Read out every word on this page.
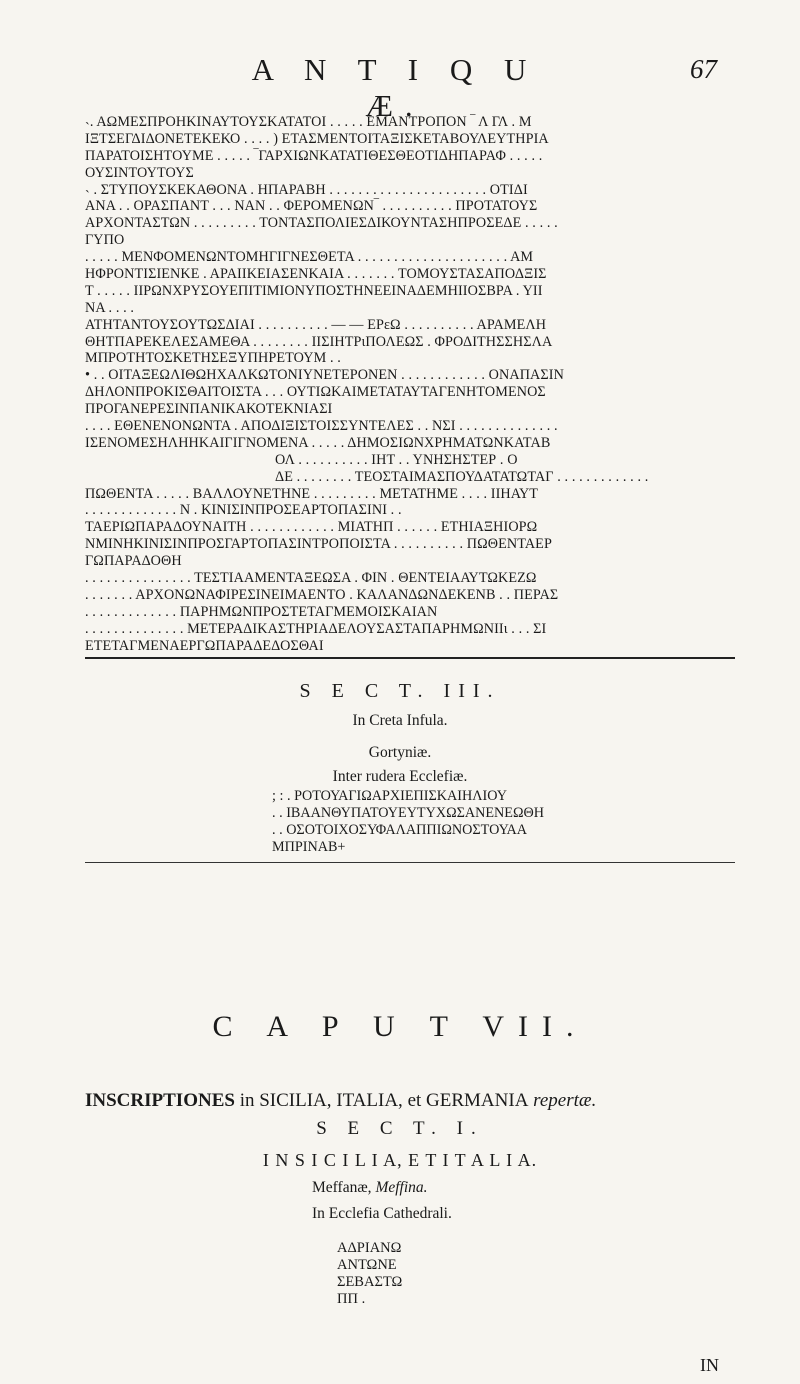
A N T I Q U Æ.
67
˴. ΑΩΜΕΣΠΡΟΗΚΙΝΑΥΤΟΥΣΚΑΤΑΤΟΙ . . . . . ΕΜΑΝΤΡΟΠΟΝ ‾ Λ ΓΛ . Μ
ΙΞΤΣΕΓΔΙΔΟΝΕΤΕΚΕΚΟ . . . . ) ΕΤΑΣΜΕΝΤΟΙΤΑΞΙΣΚΕΤΑΒΟΥΛΕΥΤΗΡΙΑ
ΠΑΡΑΤΟΙΣΗΤΟΥΜΕ . . . . . ‾ΓΑΡΧΙΩΝΚΑΤΑΤΙΘΕΣΘΕΟΤΙΔΗΠΑΡΑΦ . . . . .
ΟΥΣΙΝΤΟΥΤΟΥΣ
˴ . ΣΤΥΠΟΥΣΚΕΚΑΘΟΝΑ . ΗΠΑΡΑΒΗ . . . . . . . . . . . . . . . . . . . . . . ΟΤΙΔΙ
ΑΝΑ . . ΟΡΑΣΠΑΝΤ . . . ΝΑΝ . . ΦΕΡΟΜΕΝΩΝ‾ . . . . . . . . . . ΠΡΟΤΑΤΟΥΣ
ΑΡΧΟΝΤΑΣΤΩΝ . . . . . . . . . ΤΟΝΤΑΣΠΟΛΙΕΣΔΙΚΟΥΝΤΑΣΗΠΡΟΣΕΔΕ . . . . .
ΓΥΠΟ
. . . . . ΜΕΝΦΟΜΕΝΩΝΤΟΜΗΓΙΓΝΕΣΘΕΤΑ . . . . . . . . . . . . . . . . . . . . . ΑΜ
ΗΦΡΟΝΤΙΣΙΕΝΚΕ . ΑΡΑΙΙΚΕΙΑΣΕΝΚΑΙΑ . . . . . . . ΤΟΜΟΥΣΤΑΣΑΠΟΔΞΙΣ
Τ . . . . . ΙΙΡΩΝΧΡΥΣΟΥΕΠΙΤΙΜΙΟΝΥΠΟΣΤΗΝΕΕΙΝΑΔΕΜΗΙΙΟΣΒΡΑ . ΥΙΙ
ΝΑ . . . .
ΑΤΗΤΑΝΤΟΥΣΟΥΤΩΣΔΙΑΙ . . . . . . . . . . — — ΕΡεΩ . . . . . . . . . . ΑΡΑΜΕΛΗ
ΘΗΤΠΑΡΕΚΕΛΕΣΑΜΕΘΑ . . . . . . . . ΙΙΣΙΗΤΡιΠΟΛΕΩΣ . ΦΡΟΔΙΤΗΣΣΗΣΛΑ
ΜΠΡΟΤΗΤΟΣΚΕΤΗΣΕΞΥΠΗΡΕΤΟΥΜ . .
• . . ΟΙΤΑΞΕΩΛΙΘΩΗΧΑΛΚΩΤΟΝΙΥΝΕΤΕΡΟΝΕΝ . . . . . . . . . . . . ΟΝΑΠΑΣΙΝ
ΔΗΛΟΝΠΡΟΚΙΣΘΑΙΤΟΙΣΤΑ . . . ΟΥΤΙΩΚΑΙΜΕΤΑΤΑΥΤΑΓΕΝΗΤΟΜΕΝΟΣ
ΠΡΟΓΑΝΕΡΕΣΙΝΠΑΝΙΚΑΚΟΤΕΚΝΙΑΣΙ
. . . . ΕΘΕΝΕΝΟΝΩΝΤΑ . ΑΠΟΔΙΞΙΣΤΟΙΣΣΥΝΤΕΛΕΣ . . ΝΣΙ . . . . . . . . . . . . . .
ΙΣΕΝΟΜΕΣΗΛΗΗΚΑΙΓΙΓΝΟΜΕΝΑ . . . . . ΔΗΜΟΣΙΩΝΧΡΗΜΑΤΩΝΚΑΤΑΒ
ΟΛ . . . . . . . . . . ΙΗΤ . . ΥΝΗΣΗΣΤΕΡ . Ο
ΔΕ . . . . . . . . ΤΕΟΣΤΑΙΜΑΣΠΟΥΔΑΤΑΤΩΤΑΓ . . . . . . . . . . . . .
ΠΩΘΕΝΤΑ . . . . . ΒΑΛΛΟΥΝΕΤΗΝΕ . . . . . . . . . ΜΕΤΑΤΗΜΕ . . . . ΙΙΗΑΥΤ
. . . . . . . . . . . . . Ν . ΚΙΝΙΣΙΝΠΡΟΣΕΑΡΤΟΠΑΣΙΝΙ . .
ΤΑΕΡΙΩΠΑΡΑΔΟΥΝΑΙΤΗ . . . . . . . . . . . . ΜΙΑΤΗΠ . . . . . . ΕΤΗΙΑΞΗΙΟΡΩ
ΝΜΙΝΗΚΙΝΙΣΙΝΠΡΟΣΓΑΡΤΟΠΑΣΙΝΤΡΟΠΟΙΣΤΑ . . . . . . . . . . ΠΩΘΕΝΤΑΕΡ
ΓΩΠΑΡΑΔΟΘΗ
. . . . . . . . . . . . . . . ΤΕΣΤΙΑΑΜΕΝΤΑΞΕΩΣΑ . ΦΙΝ . ΘΕΝΤΕΙΑΑΥΤΩΚΕΖΩ
. . . . . . . ΑΡΧΟΝΩΝΑΦΙΡΕΣΙΝΕΙΜΑΕΝΤΟ . ΚΑΛΑΝΔΩΝΔΕΚΕΝΒ . . ΠΕΡΑΣ
. . . . . . . . . . . . . ΠΑΡΗΜΩΝΠΡΟΣΤΕΤΑΓΜΕΜΟΙΣΚΑΙΑΝ
. . . . . . . . . . . . . . ΜΕΤΕΡΑΔΙΚΑΣΤΗΡΙΑΔΕΛΟΥΣΑΣΤΑΠΑΡΗΜΩΝΙΙι . . . ΣΙ
ΕΤΕΤΑΓΜΕΝΑΕΡΓΩΠΑΡΑΔΕΔΟΣΘΑΙ
S E C T. III.
In Creta Infula.
Gortyniæ.
Inter rudera Ecclefiæ.
; : . ΡΟΤΟΥΑΓΙΩΑΡΧΙΕΠΙΣΚΑΙΗΛΙΟΥ
. . ΙΒΑΑΝΘΥΠΑΤΟΥΕΥΤΥΧΩΣΑΝΕΝΕΩΘΗ
. . ΟΣΟΤΟΙΧΟΣΥΦΑΛΑΠΠΙΩΝΟΣΤΟΥΑΑ
ΜΠΡΙΝΑΒ+
C A P U T VII.
INSCRIPTIONES in SICILIA, ITALIA, et GERMANIA repertæ.
S E C T. I.
I N S I C I L I A, E T I T A L I A.
Meffanæ, Meffina.
In Ecclefia Cathedrali.
ΑΔΡΙΑΝΩ
ΑΝΤΩΝΕ
ΣΕΒΑΣΤΩ
ΠΠ .
IN
